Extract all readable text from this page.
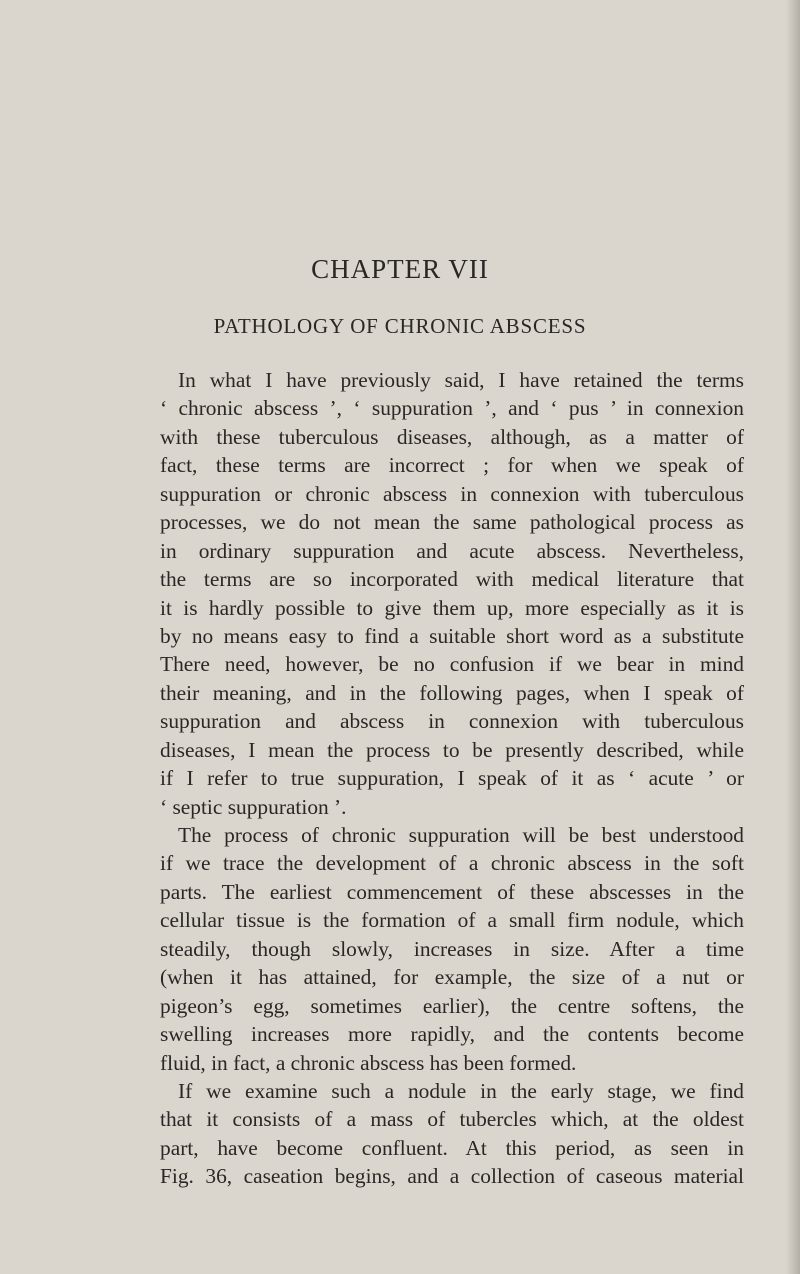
CHAPTER VII
PATHOLOGY OF CHRONIC ABSCESS
In what I have previously said, I have retained the terms
‘ chronic abscess ’, ‘ suppuration ’, and ‘ pus ’ in connexion
with these tuberculous diseases, although, as a matter of
fact, these terms are incorrect ; for when we speak of
suppuration or chronic abscess in connexion with tuberculous
processes, we do not mean the same pathological process as
in ordinary suppuration and acute abscess. Nevertheless,
the terms are so incorporated with medical literature that
it is hardly possible to give them up, more especially as it is
by no means easy to find a suitable short word as a substitute
There need, however, be no confusion if we bear in mind
their meaning, and in the following pages, when I speak of
suppuration and abscess in connexion with tuberculous
diseases, I mean the process to be presently described, while
if I refer to true suppuration, I speak of it as ‘ acute ’ or
‘ septic suppuration ’.
The process of chronic suppuration will be best understood
if we trace the development of a chronic abscess in the soft
parts. The earliest commencement of these abscesses in the
cellular tissue is the formation of a small firm nodule, which
steadily, though slowly, increases in size. After a time
(when it has attained, for example, the size of a nut or
pigeon’s egg, sometimes earlier), the centre softens, the
swelling increases more rapidly, and the contents become
fluid, in fact, a chronic abscess has been formed.
If we examine such a nodule in the early stage, we find
that it consists of a mass of tubercles which, at the oldest
part, have become confluent. At this period, as seen in
Fig. 36, caseation begins, and a collection of caseous material
